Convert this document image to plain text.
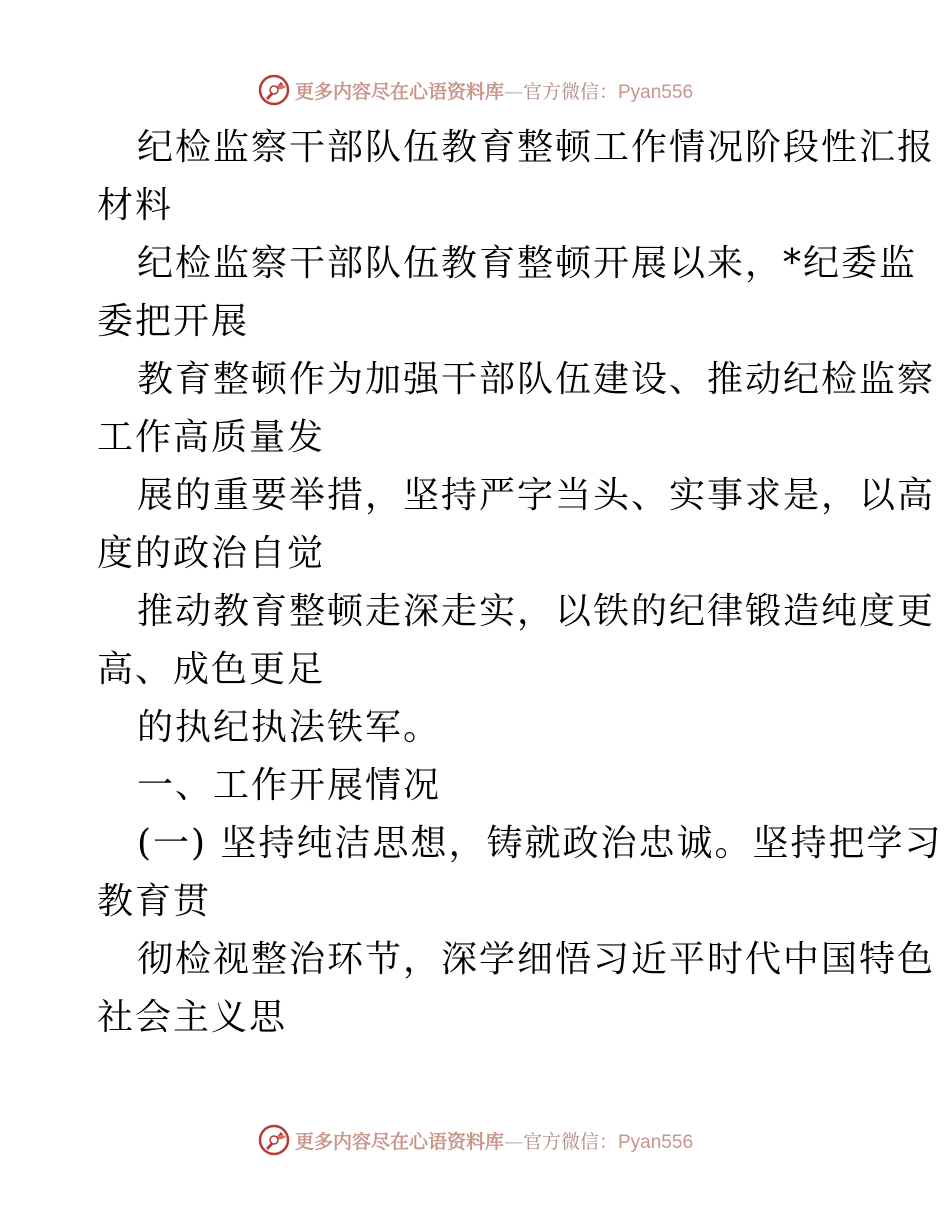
更多内容尽在心语资料库—官方微信：Pyan556
纪检监察干部队伍教育整顿工作情况阶段性汇报
材料
纪检监察干部队伍教育整顿开展以来，*纪委监
委把开展
教育整顿作为加强干部队伍建设、推动纪检监察
工作高质量发
展的重要举措，坚持严字当头、实事求是，以高
度的政治自觉
推动教育整顿走深走实，以铁的纪律锻造纯度更
高、成色更足
的执纪执法铁军。
一、工作开展情况
(一) 坚持纯洁思想，铸就政治忠诚。坚持把学习
教育贯
彻检视整治环节，深学细悟习近平时代中国特色
社会主义思
更多内容尽在心语资料库—官方微信：Pyan556
